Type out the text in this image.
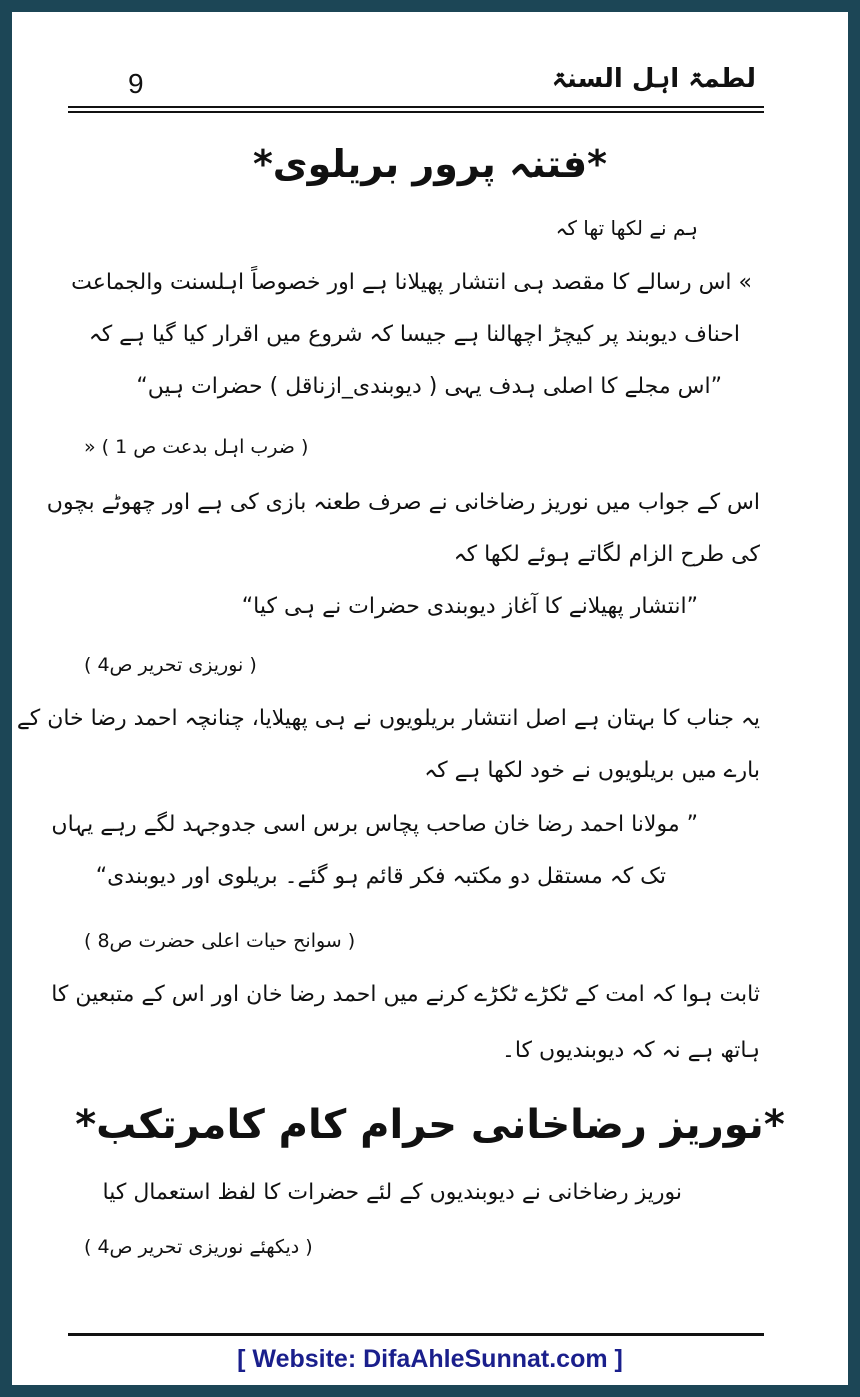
لطمۃ اہل السنۃ
9
*فتنہ پرور بریلوی*
ہم نے لکھا تھا کہ
» اس رسالے کا مقصد ہی انتشار پھیلانا ہے اور خصوصاً اہلسنت والجماعت
احناف دیوبند پر کیچڑ اچھالنا ہے جیسا کہ شروع میں اقرار کیا گیا ہے کہ
”اس مجلے کا اصلی ہدف یہی ( دیوبندی_ازناقل ) حضرات ہیں“
( ضرب اہل بدعت ص 1 ) «
اس کے جواب میں نوریز رضاخانی نے صرف طعنہ بازی کی ہے اور چھوٹے بچوں
کی طرح الزام لگاتے ہوئے لکھا کہ
”انتشار پھیلانے کا آغاز دیوبندی حضرات نے ہی کیا“
( نوریزی تحریر ص4 )
یہ جناب کا بہتان ہے اصل انتشار بریلویوں نے ہی پھیلایا، چنانچہ احمد رضا خان کے
بارے میں بریلویوں نے خود لکھا ہے کہ
” مولانا احمد رضا خان صاحب پچاس برس اسی جدوجہد لگے رہے یہاں
تک کہ مستقل دو مکتبہ فکر قائم ہو گئے۔ بریلوی اور دیوبندی“
( سوانح حیات اعلی حضرت ص8 )
ثابت ہوا کہ امت کے ٹکڑے ٹکڑے کرنے میں احمد رضا خان اور اس کے متبعین کا
ہاتھ ہے نہ کہ دیوبندیوں کا۔
*نوریز رضاخانی حرام کام کامرتکب*
نوریز رضاخانی نے دیوبندیوں کے لئے حضرات کا لفظ استعمال کیا
( دیکھئے نوریزی تحریر ص4 )
[ Website: DifaAhleSunnat.com ]
